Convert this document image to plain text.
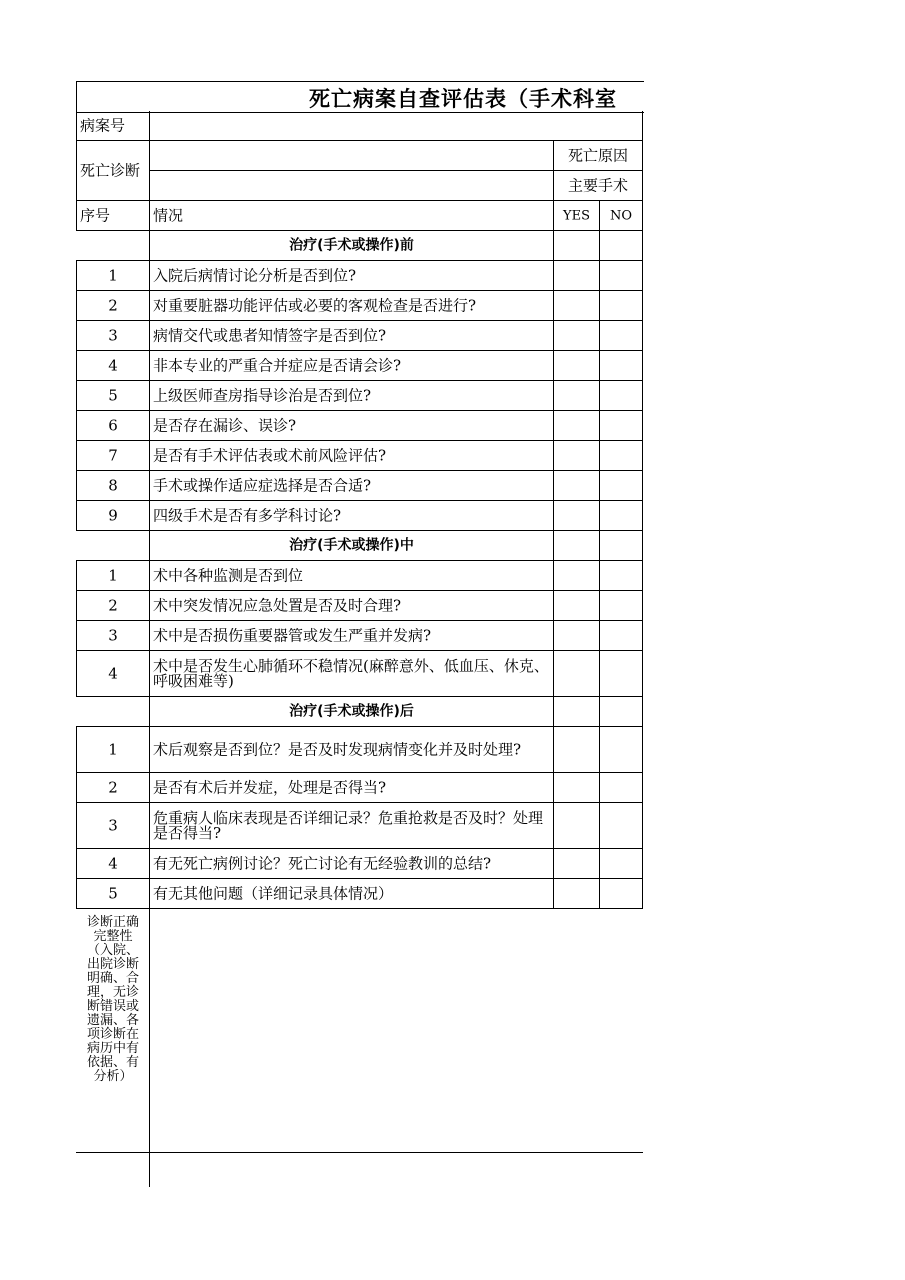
死亡病案自查评估表（手术科室
病案号
死亡诊断
死亡原因
主要手术
序号	情况	YES	NO
治疗(手术或操作)前
1	入院后病情讨论分析是否到位?
2	对重要脏器功能评估或必要的客观检查是否进行?
3	病情交代或患者知情签字是否到位?
4	非本专业的严重合并症应是否请会诊?
5	上级医师查房指导诊治是否到位?
6	是否存在漏诊、误诊?
7	是否有手术评估表或术前风险评估?
8	手术或操作适应症选择是否合适?
9	四级手术是否有多学科讨论?
治疗(手术或操作)中
1	术中各种监测是否到位
2	术中突发情况应急处置是否及时合理?
3	术中是否损伤重要器管或发生严重并发病?
4	术中是否发生心肺循环不稳情况(麻醉意外、低血压、休克、呼吸困难等)
治疗(手术或操作)后
1	术后观察是否到位？是否及时发现病情变化并及时处理?
2	是否有术后并发症，处理是否得当?
3	危重病人临床表现是否详细记录？危重抢救是否及时？处理是否得当?
4	有无死亡病例讨论？死亡讨论有无经验教训的总结?
5	有无其他问题（详细记录具体情况）
诊断正确完整性（入院、出院诊断明确、合理，无诊断错误或遗漏、各项诊断在病历中有依据、有分析）
